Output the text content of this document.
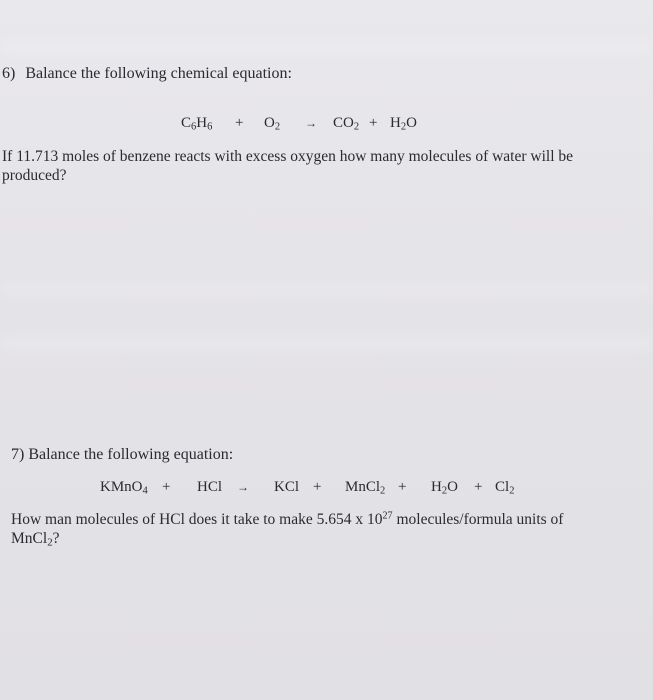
6) Balance the following chemical equation:
$C_6H_6 + O_2 \to CO_2 + H_2O$
If 11.713 moles of benzene reacts with excess oxygen how many molecules of water will be
produced?
7) Balance the following equation:
KMnO$_4$ + HCl → KCl + MnCl$_2$ + $H_2O + Cl_2$
How man molecules of HCl does it take to make 5.654 x $10^{27}$ molecules/formula units of
MnCl$_2$?
